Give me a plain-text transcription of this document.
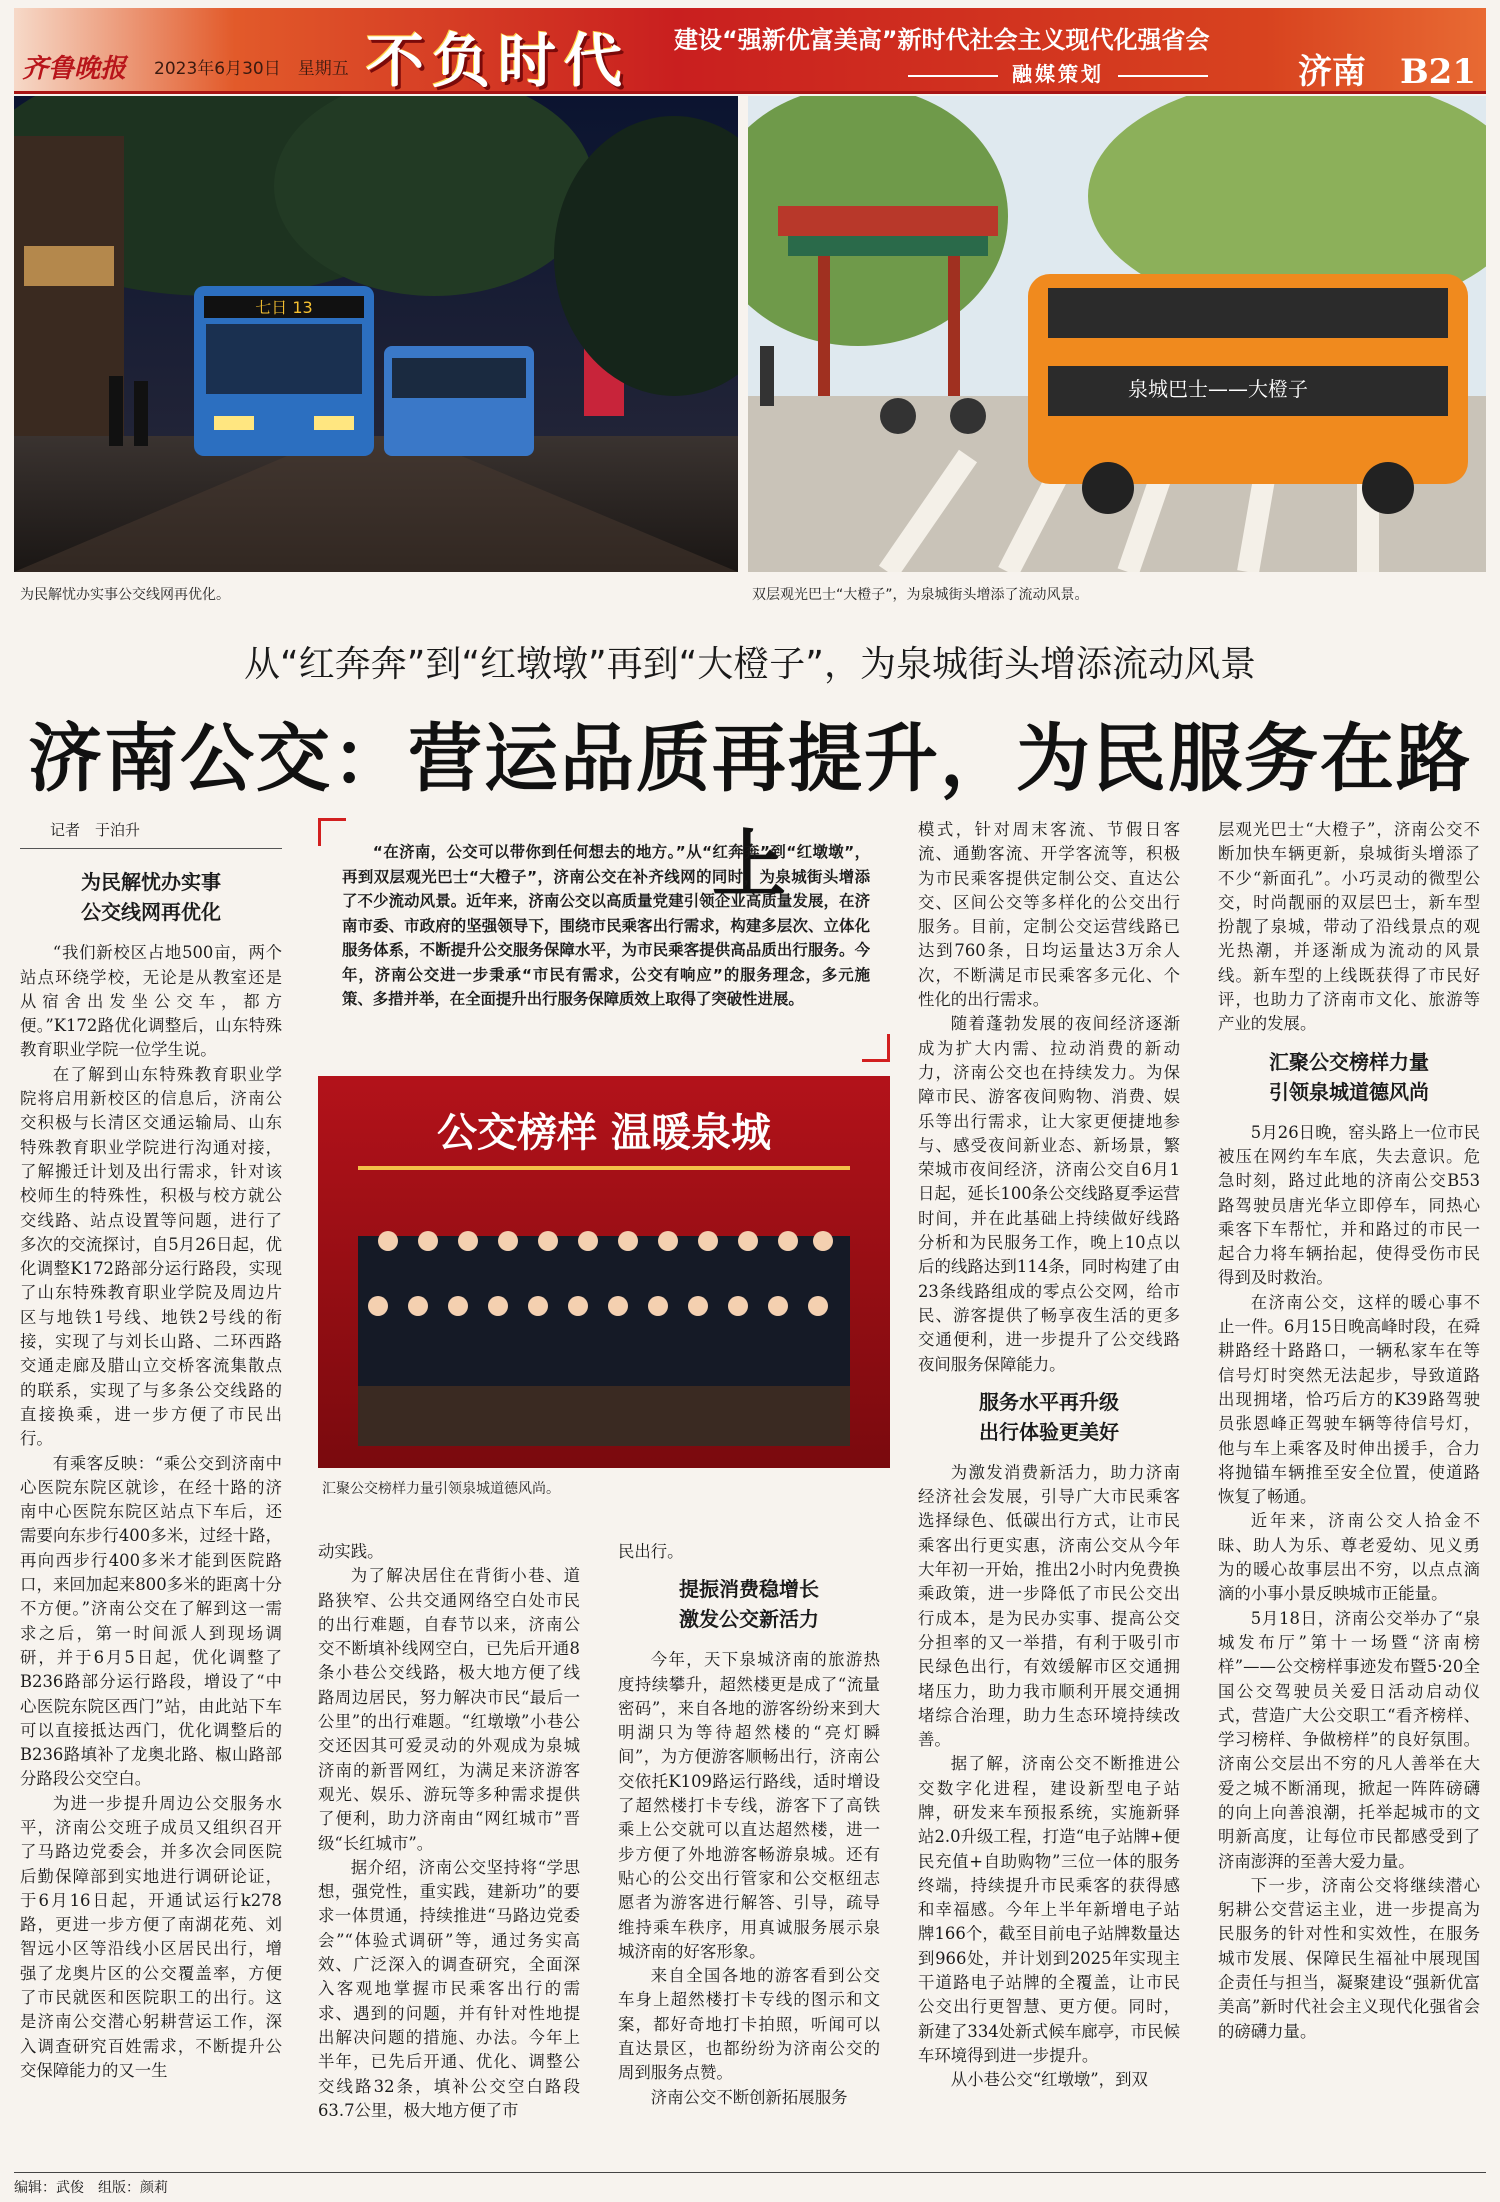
齐鲁晚报 2023年6月30日　 星期五 不负时代 建设“强新优富美高”新时代社会主义现代化强省会
融媒策划	济南　 B21
七日 13
为民解忧办实事公交线网再优化。
泉城巴士——大橙子
双层观光巴士“大橙子”，为泉城街头增添了流动风景。
从“红奔奔”到“红墩墩”再到“大橙子”，为泉城街头增添流动风景
济南公交：营运品质再提升，为民服务在路上

记者　于泊升

为民解忧办实事
公交线网再优化

“我们新校区占地500亩，两个站点环绕学校，无论是从教室还是从宿舍出发坐公交车，都方便。”K172路优化调整后，山东特殊教育职业学院一位学生说。

在了解到山东特殊教育职业学院将启用新校区的信息后，济南公交积极与长清区交通运输局、山东特殊教育职业学院进行沟通对接，了解搬迁计划及出行需求，针对该校师生的特殊性，积极与校方就公交线路、站点设置等问题，进行了多次的交流探讨，自5月26日起，优化调整K172路部分运行路段，实现了山东特殊教育职业学院及周边片区与地铁1号线、地铁2号线的衔接，实现了与刘长山路、二环西路交通走廊及腊山立交桥客流集散点的联系，实现了与多条公交线路的直接换乘，进一步方便了市民出行。

有乘客反映：“乘公交到济南中心医院东院区就诊，在经十路的济南中心医院东院区站点下车后，还需要向东步行400多米，过经十路，再向西步行400多米才能到医院路口，来回加起来800多米的距离十分不方便。”济南公交在了解到这一需求之后，第一时间派人到现场调研，并于6月5日起，优化调整了B236路部分运行路段，增设了“中心医院东院区西门”站，由此站下车可以直接抵达西门，优化调整后的B236路填补了龙奥北路、椒山路部分路段公交空白。

为进一步提升周边公交服务水平，济南公交班子成员又组织召开了马路边党委会，并多次会同医院后勤保障部到实地进行调研论证，于6月16日起，开通试运行k278路，更进一步方便了南湖花苑、刘智远小区等沿线小区居民出行，增强了龙奥片区的公交覆盖率，方便了市民就医和医院职工的出行。这是济南公交潜心躬耕营运工作，深入调查研究百姓需求，不断提升公交保障能力的又一生

“在济南，公交可以带你到任何想去的地方。”从“红奔奔”到“红墩墩”，再到双层观光巴士“大橙子”，济南公交在补齐线网的同时，为泉城街头增添了不少流动风景。近年来，济南公交以高质量党建引领企业高质量发展，在济南市委、市政府的坚强领导下，围绕市民乘客出行需求，构建多层次、立体化服务体系，不断提升公交服务保障水平，为市民乘客提供高品质出行服务。今年，济南公交进一步秉承“市民有需求，公交有响应”的服务理念，多元施策、多措并举，在全面提升出行服务保障质效上取得了突破性进展。
公交榜样 温暖泉城
汇聚公交榜样力量引领泉城道德风尚。

动实践。

为了解决居住在背街小巷、道路狭窄、公共交通网络空白处市民的出行难题，自春节以来，济南公交不断填补线网空白，已先后开通8条小巷公交线路，极大地方便了线路周边居民，努力解决市民“最后一公里”的出行难题。“红墩墩”小巷公交还因其可爱灵动的外观成为泉城济南的新晋网红，为满足来济游客观光、娱乐、游玩等多种需求提供了便利，助力济南由“网红城市”晋级“长红城市”。

据介绍，济南公交坚持将“学思想，强党性，重实践，建新功”的要求一体贯通，持续推进“马路边党委会”“体验式调研”等，通过务实高效、广泛深入的调查研究，全面深入客观地掌握市民乘客出行的需求、遇到的问题，并有针对性地提出解决问题的措施、办法。今年上半年，已先后开通、优化、调整公交线路32条，填补公交空白路段63.7公里，极大地方便了市

民出行。

提振消费稳增长
激发公交新活力

今年，天下泉城济南的旅游热度持续攀升，超然楼更是成了“流量密码”，来自各地的游客纷纷来到大明湖只为等待超然楼的“亮灯瞬间”，为方便游客顺畅出行，济南公交依托K109路运行路线，适时增设了超然楼打卡专线，游客下了高铁乘上公交就可以直达超然楼，进一步方便了外地游客畅游泉城。还有贴心的公交出行管家和公交枢纽志愿者为游客进行解答、引导，疏导维持乘车秩序，用真诚服务展示泉城济南的好客形象。

来自全国各地的游客看到公交车身上超然楼打卡专线的图示和文案，都好奇地打卡拍照，听闻可以直达景区，也都纷纷为济南公交的周到服务点赞。

济南公交不断创新拓展服务

模式，针对周末客流、节假日客流、通勤客流、开学客流等，积极为市民乘客提供定制公交、直达公交、区间公交等多样化的公交出行服务。目前，定制公交运营线路已达到760条，日均运量达3万余人次，不断满足市民乘客多元化、个性化的出行需求。

随着蓬勃发展的夜间经济逐渐成为扩大内需、拉动消费的新动力，济南公交也在持续发力。为保障市民、游客夜间购物、消费、娱乐等出行需求，让大家更便捷地参与、感受夜间新业态、新场景，繁荣城市夜间经济，济南公交自6月1日起，延长100条公交线路夏季运营时间，并在此基础上持续做好线路分析和为民服务工作，晚上10点以后的线路达到114条，同时构建了由23条线路组成的零点公交网，给市民、游客提供了畅享夜生活的更多交通便利，进一步提升了公交线路夜间服务保障能力。

服务水平再升级
出行体验更美好

为激发消费新活力，助力济南经济社会发展，引导广大市民乘客选择绿色、低碳出行方式，让市民乘客出行更实惠，济南公交从今年大年初一开始，推出2小时内免费换乘政策，进一步降低了市民公交出行成本，是为民办实事、提高公交分担率的又一举措，有利于吸引市民绿色出行，有效缓解市区交通拥堵压力，助力我市顺利开展交通拥堵综合治理，助力生态环境持续改善。

据了解，济南公交不断推进公交数字化进程，建设新型电子站牌，研发来车预报系统，实施新驿站2.0升级工程，打造“电子站牌+便民充值+自助购物”三位一体的服务终端，持续提升市民乘客的获得感和幸福感。今年上半年新增电子站牌166个，截至目前电子站牌数量达到966处，并计划到2025年实现主干道路电子站牌的全覆盖，让市民公交出行更智慧、更方便。同时，新建了334处新式候车廊亭，市民候车环境得到进一步提升。

从小巷公交“红墩墩”，到双

层观光巴士“大橙子”，济南公交不断加快车辆更新，泉城街头增添了不少“新面孔”。小巧灵动的微型公交，时尚靓丽的双层巴士，新车型扮靓了泉城，带动了沿线景点的观光热潮，并逐渐成为流动的风景线。新车型的上线既获得了市民好评，也助力了济南市文化、旅游等产业的发展。

汇聚公交榜样力量
引领泉城道德风尚

5月26日晚，窑头路上一位市民被压在网约车车底，失去意识。危急时刻，路过此地的济南公交B53路驾驶员唐光华立即停车，同热心乘客下车帮忙，并和路过的市民一起合力将车辆抬起，使得受伤市民得到及时救治。

在济南公交，这样的暖心事不止一件。6月15日晚高峰时段，在舜耕路经十路路口，一辆私家车在等信号灯时突然无法起步，导致道路出现拥堵，恰巧后方的K39路驾驶员张恩峰正驾驶车辆等待信号灯，他与车上乘客及时伸出援手，合力将抛锚车辆推至安全位置，使道路恢复了畅通。

近年来，济南公交人拾金不昧、助人为乐、尊老爱幼、见义勇为的暖心故事层出不穷，以点点滴滴的小事小景反映城市正能量。

5月18日，济南公交举办了“泉城发布厅”第十一场暨“济南榜样”——公交榜样事迹发布暨5·20全国公交驾驶员关爱日活动启动仪式，营造广大公交职工“看齐榜样、学习榜样、争做榜样”的良好氛围。济南公交层出不穷的凡人善举在大爱之城不断涌现，掀起一阵阵磅礴的向上向善浪潮，托举起城市的文明新高度，让每位市民都感受到了济南澎湃的至善大爱力量。

下一步，济南公交将继续潜心躬耕公交营运主业，进一步提高为民服务的针对性和实效性，在服务城市发展、保障民生福祉中展现国企责任与担当，凝聚建设“强新优富美高”新时代社会主义现代化强省会的磅礴力量。

编辑：武俊　组版：颜莉
